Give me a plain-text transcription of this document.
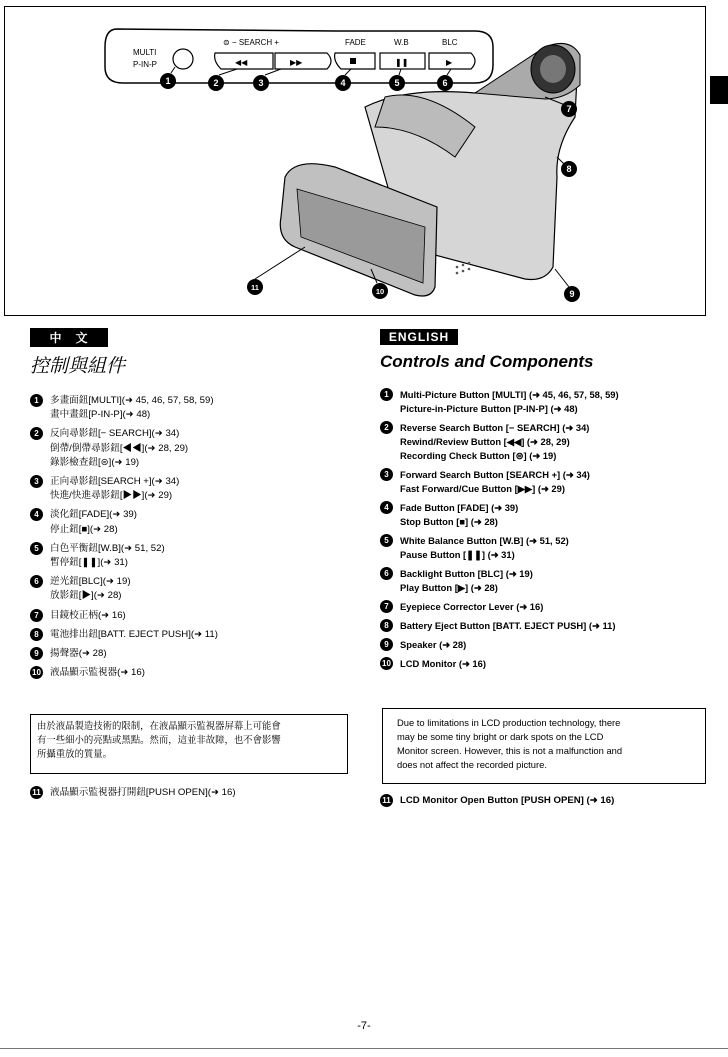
MULTI
P-IN-P
⊜ − SEARCH +
◀◀	▶▶
FADE	W.B	BLC
❚❚	▶
1	2	3	4	5	6
7
8
9
10
11
中　文
控制與組件
1	多畫面鈕[MULTI](➜ 45, 46, 57, 58, 59)
畫中畫鈕[P-IN-P](➜ 48)
2	反向尋影鈕[− SEARCH](➜ 34)
倒帶/倒帶尋影鈕[◀◀](➜ 28, 29)
錄影檢查鈕[⊜](➜ 19)
3	正向尋影鈕[SEARCH +](➜ 34)
快進/快進尋影鈕[▶▶](➜ 29)
4	淡化鈕[FADE](➜ 39)
停止鈕[■](➜ 28)
5	白色平衡鈕[W.B](➜ 51, 52)
暫停鈕[❚❚](➜ 31)
6	逆光鈕[BLC](➜ 19)
放影鈕[▶](➜ 28)
7	目鏡校正柄(➜ 16)
8	電池排出鈕[BATT. EJECT PUSH](➜ 11)
9	揚聲器(➜ 28)
10 液晶顯示監視器(➜ 16)
ENGLISH
Controls and Components
1	Multi-Picture Button [MULTI] (➜ 45, 46, 57, 58, 59)
Picture-in-Picture Button [P-IN-P] (➜ 48)
2	Reverse Search Button [− SEARCH] (➜ 34)
Rewind/Review Button [◀◀] (➜ 28, 29)
Recording Check Button [⊜] (➜ 19)
3	Forward Search Button [SEARCH +] (➜ 34)
Fast Forward/Cue Button [▶▶] (➜ 29)
4	Fade Button [FADE] (➜ 39)
Stop Button [■] (➜ 28)
5	White Balance Button [W.B] (➜ 51, 52)
Pause Button [❚❚] (➜ 31)
6	Backlight Button [BLC] (➜ 19)
Play Button [▶] (➜ 28)
7	Eyepiece Corrector Lever (➜ 16)
8	Battery Eject Button [BATT. EJECT PUSH] (➜ 11)
9	Speaker (➜ 28)
10 LCD Monitor (➜ 16)
由於液晶製造技術的限制，在液晶顯示監視器屏幕上可能會
有一些細小的亮點或黑點。然而，這並非故障，也不會影響
所攝重放的質量。
Due to limitations in LCD production technology, there
may be some tiny bright or dark spots on the LCD
Monitor screen. However, this is not a malfunction and
does not affect the recorded picture.
11 液晶顯示監視器打開鈕[PUSH OPEN](➜ 16)
11 LCD Monitor Open Button [PUSH OPEN] (➜ 16)
-7-
